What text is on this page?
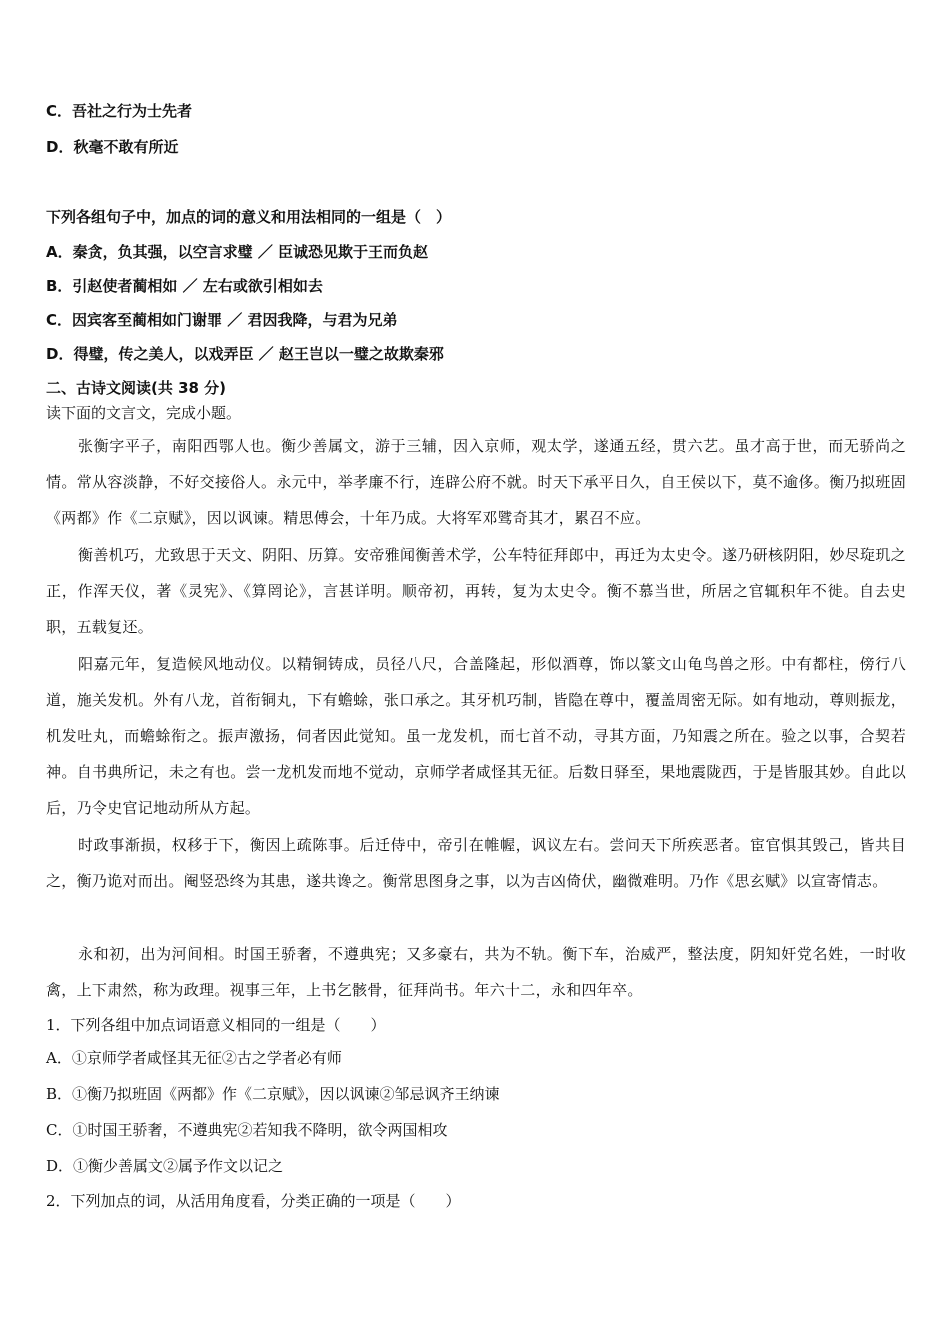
C．吾社之行为士先者
D．秋毫不敢有所近
下列各组句子中，加点的词的意义和用法相同的一组是（　）
A．秦贪，负其强，以空言求璧 ／ 臣诚恐见欺于王而负赵
B．引赵使者蔺相如 ／ 左右或欲引相如去
C．因宾客至蔺相如门谢罪 ／ 君因我降，与君为兄弟
D．得璧，传之美人，以戏弄臣 ／ 赵王岂以一璧之故欺秦邪
二、古诗文阅读(共 38 分)
读下面的文言文，完成小题。
张衡字平子，南阳西鄂人也。衡少善属文，游于三辅，因入京师，观太学，遂通五经，贯六艺。虽才高于世，而无骄尚之情。常从容淡静，不好交接俗人。永元中，举孝廉不行，连辟公府不就。时天下承平日久，自王侯以下，莫不逾侈。衡乃拟班固《两都》作《二京赋》，因以讽谏。精思傅会，十年乃成。大将军邓骘奇其才，累召不应。
衡善机巧，尤致思于天文、阴阳、历算。安帝雅闻衡善术学，公车特征拜郎中，再迁为太史令。遂乃研核阴阳，妙尽琁玑之正，作浑天仪，著《灵宪》、《算罔论》，言甚详明。顺帝初，再转，复为太史令。衡不慕当世，所居之官辄积年不徙。自去史职，五载复还。
阳嘉元年，复造候风地动仪。以精铜铸成，员径八尺，合盖隆起，形似酒尊，饰以篆文山龟鸟兽之形。中有都柱，傍行八道，施关发机。外有八龙，首衔铜丸，下有蟾蜍，张口承之。其牙机巧制，皆隐在尊中，覆盖周密无际。如有地动，尊则振龙，机发吐丸，而蟾蜍衔之。振声激扬，伺者因此觉知。虽一龙发机，而七首不动，寻其方面，乃知震之所在。验之以事，合契若神。自书典所记，未之有也。尝一龙机发而地不觉动，京师学者咸怪其无征。后数日驿至，果地震陇西，于是皆服其妙。自此以后，乃令史官记地动所从方起。
时政事渐损，权移于下，衡因上疏陈事。后迁侍中，帝引在帷幄，讽议左右。尝问天下所疾恶者。宦官惧其毁己，皆共目之，衡乃诡对而出。阉竖恐终为其患，遂共谗之。衡常思图身之事，以为吉凶倚伏，幽微难明。乃作《思玄赋》以宣寄情志。
永和初，出为河间相。时国王骄奢，不遵典宪；又多豪右，共为不轨。衡下车，治威严，整法度，阴知奸党名姓，一时收禽，上下肃然，称为政理。视事三年，上书乞骸骨，征拜尚书。年六十二，永和四年卒。
1．下列各组中加点词语意义相同的一组是（　　）
A．①京师学者咸怪其无征②古之学者必有师
B．①衡乃拟班固《两都》作《二京赋》，因以讽谏②邹忌讽齐王纳谏
C．①时国王骄奢，不遵典宪②若知我不降明，欲令两国相攻
D．①衡少善属文②属予作文以记之
2．下列加点的词，从活用角度看，分类正确的一项是（　　）
